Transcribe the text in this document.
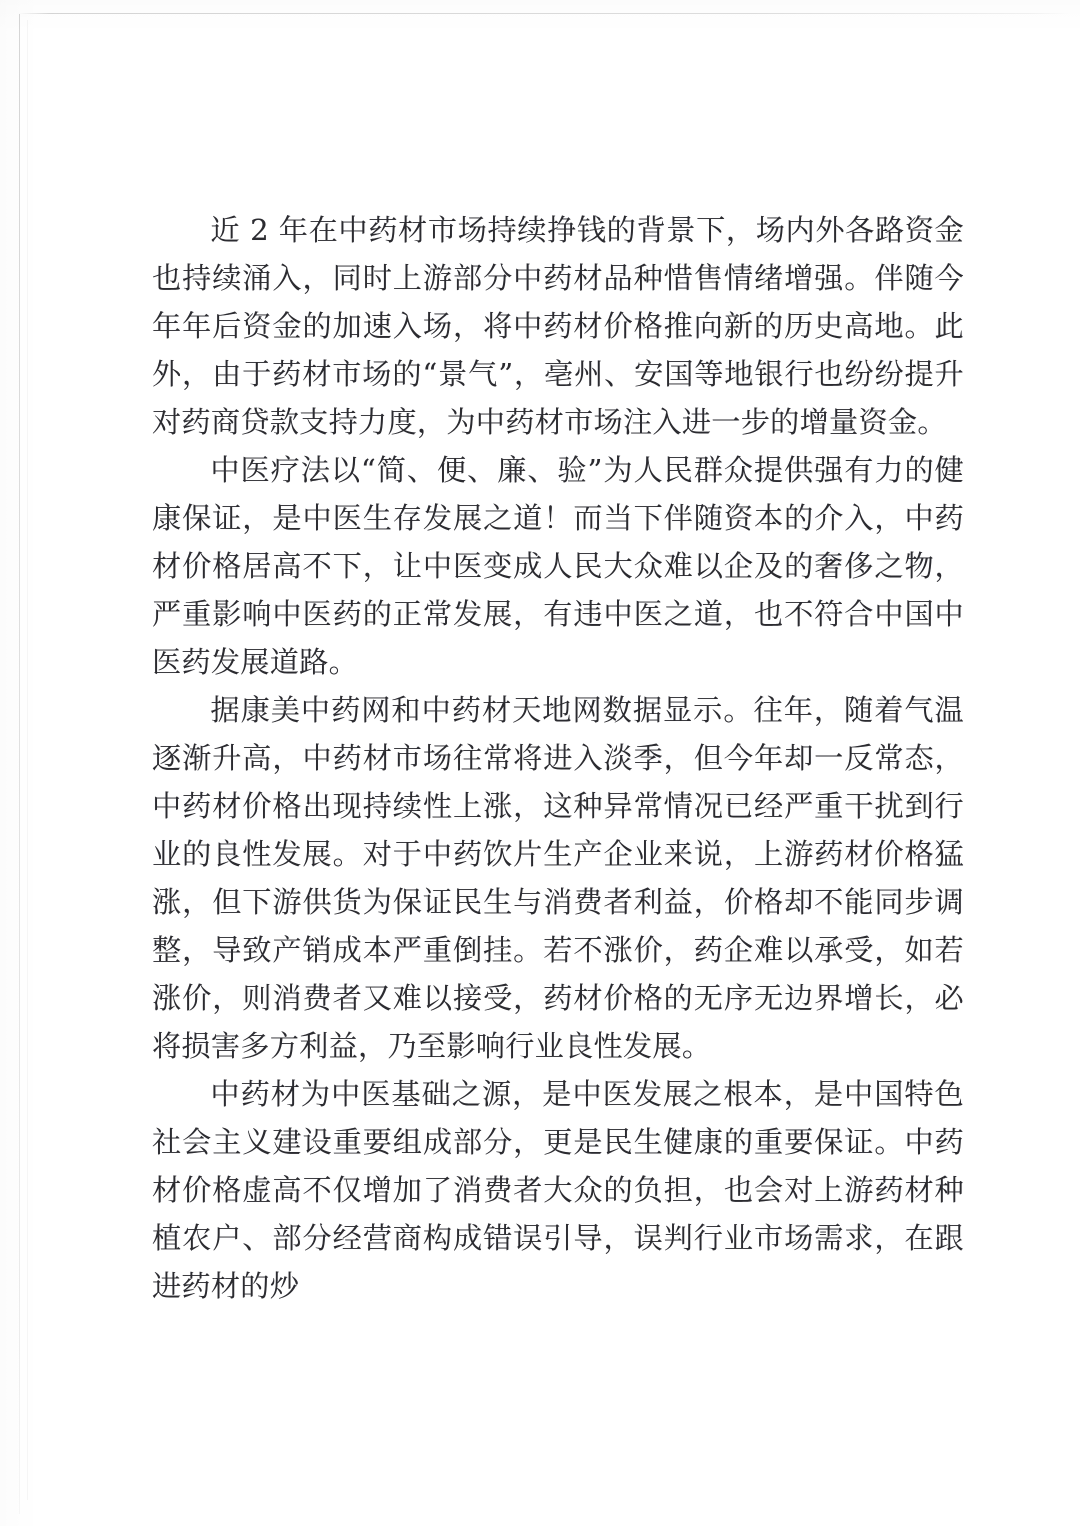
近 2 年在中药材市场持续挣钱的背景下，场内外各路资金也持续涌入，同时上游部分中药材品种惜售情绪增强。伴随今年年后资金的加速入场，将中药材价格推向新的历史高地。此外，由于药材市场的“景气”，亳州、安国等地银行也纷纷提升对药商贷款支持力度，为中药材市场注入进一步的增量资金。

中医疗法以“简、便、廉、验”为人民群众提供强有力的健康保证，是中医生存发展之道！而当下伴随资本的介入，中药材价格居高不下，让中医变成人民大众难以企及的奢侈之物，严重影响中医药的正常发展，有违中医之道，也不符合中国中医药发展道路。

据康美中药网和中药材天地网数据显示。往年，随着气温逐渐升高，中药材市场往常将进入淡季，但今年却一反常态，中药材价格出现持续性上涨，这种异常情况已经严重干扰到行业的良性发展。对于中药饮片生产企业来说，上游药材价格猛涨，但下游供货为保证民生与消费者利益，价格却不能同步调整，导致产销成本严重倒挂。若不涨价，药企难以承受，如若涨价，则消费者又难以接受，药材价格的无序无边界增长，必将损害多方利益，乃至影响行业良性发展。

中药材为中医基础之源，是中医发展之根本，是中国特色社会主义建设重要组成部分，更是民生健康的重要保证。中药材价格虚高不仅增加了消费者大众的负担，也会对上游药材种植农户、部分经营商构成错误引导，误判行业市场需求，在跟进药材的炒
